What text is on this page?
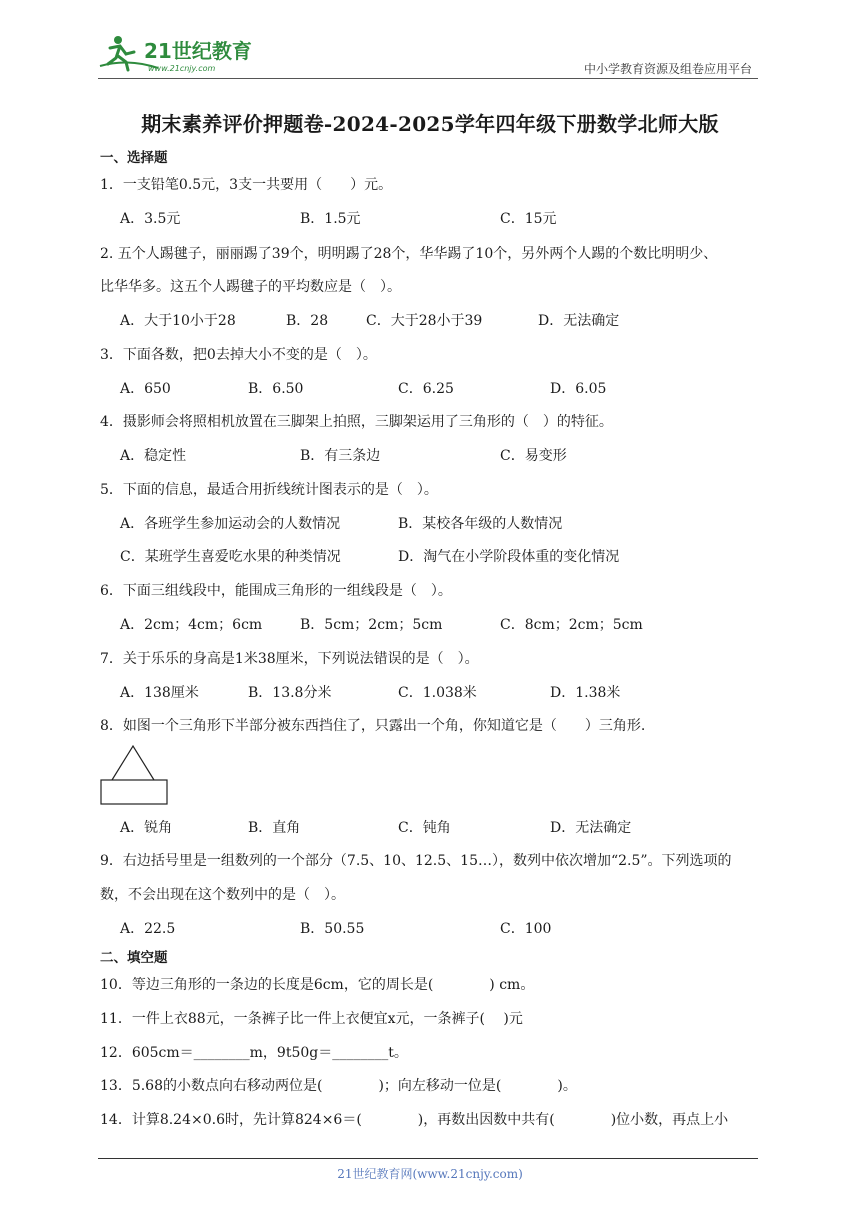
21世纪教育
www.21cnjy.com	中小学教育资源及组卷应用平台
期末素养评价押题卷-2024-2025学年四年级下册数学北师大版
一、选择题
1．一支铅笔0.5元，3支一共要用（　　）元。
A．3.5元	B．1.5元	C．15元
2. 五个人踢毽子，丽丽踢了39个，明明踢了28个，华华踢了10个，另外两个人踢的个数比明明少、
比华华多。这五个人踢毽子的平均数应是（　）。
A．大于10小于28	B．28	C．大于28小于39	D．无法确定
3．下面各数，把0去掉大小不变的是（　）。
A．650	B．6.50	C．6.25	D．6.05
4．摄影师会将照相机放置在三脚架上拍照，三脚架运用了三角形的（　）的特征。
A．稳定性	B．有三条边	C．易变形
5．下面的信息，最适合用折线统计图表示的是（　）。
A．各班学生参加运动会的人数情况	B．某校各年级的人数情况
C．某班学生喜爱吃水果的种类情况	D．淘气在小学阶段体重的变化情况
6．下面三组线段中，能围成三角形的一组线段是（　）。
A．2cm；4cm；6cm	B．5cm；2cm；5cm	C．8cm；2cm；5cm
7．关于乐乐的身高是1米38厘米，下列说法错误的是（　）。
A．138厘米	B．13.8分米	C．1.038米	D．1.38米
8．如图一个三角形下半部分被东西挡住了，只露出一个角，你知道它是（　　）三角形.
A．锐角	B．直角	C．钝角	D．无法确定
9．右边括号里是一组数列的一个部分（7.5、10、12.5、15…），数列中依次增加“2.5”。下列选项的
数，不会出现在这个数列中的是（　）。
A．22.5	B．50.55	C．100
二、填空题
10．等边三角形的一条边的长度是6cm，它的周长是(　　　　) cm。
11．一件上衣88元，一条裤子比一件上衣便宜x元，一条裤子(　 )元
12．605cm＝________m，9t50g＝________t。
13．5.68的小数点向右移动两位是(　　　　)；向左移动一位是(　　　　)。
14．计算8.24×0.6时，先计算824×6＝(　　　　)，再数出因数中共有(　　　　)位小数，再点上小
21世纪教育网(www.21cnjy.com)
